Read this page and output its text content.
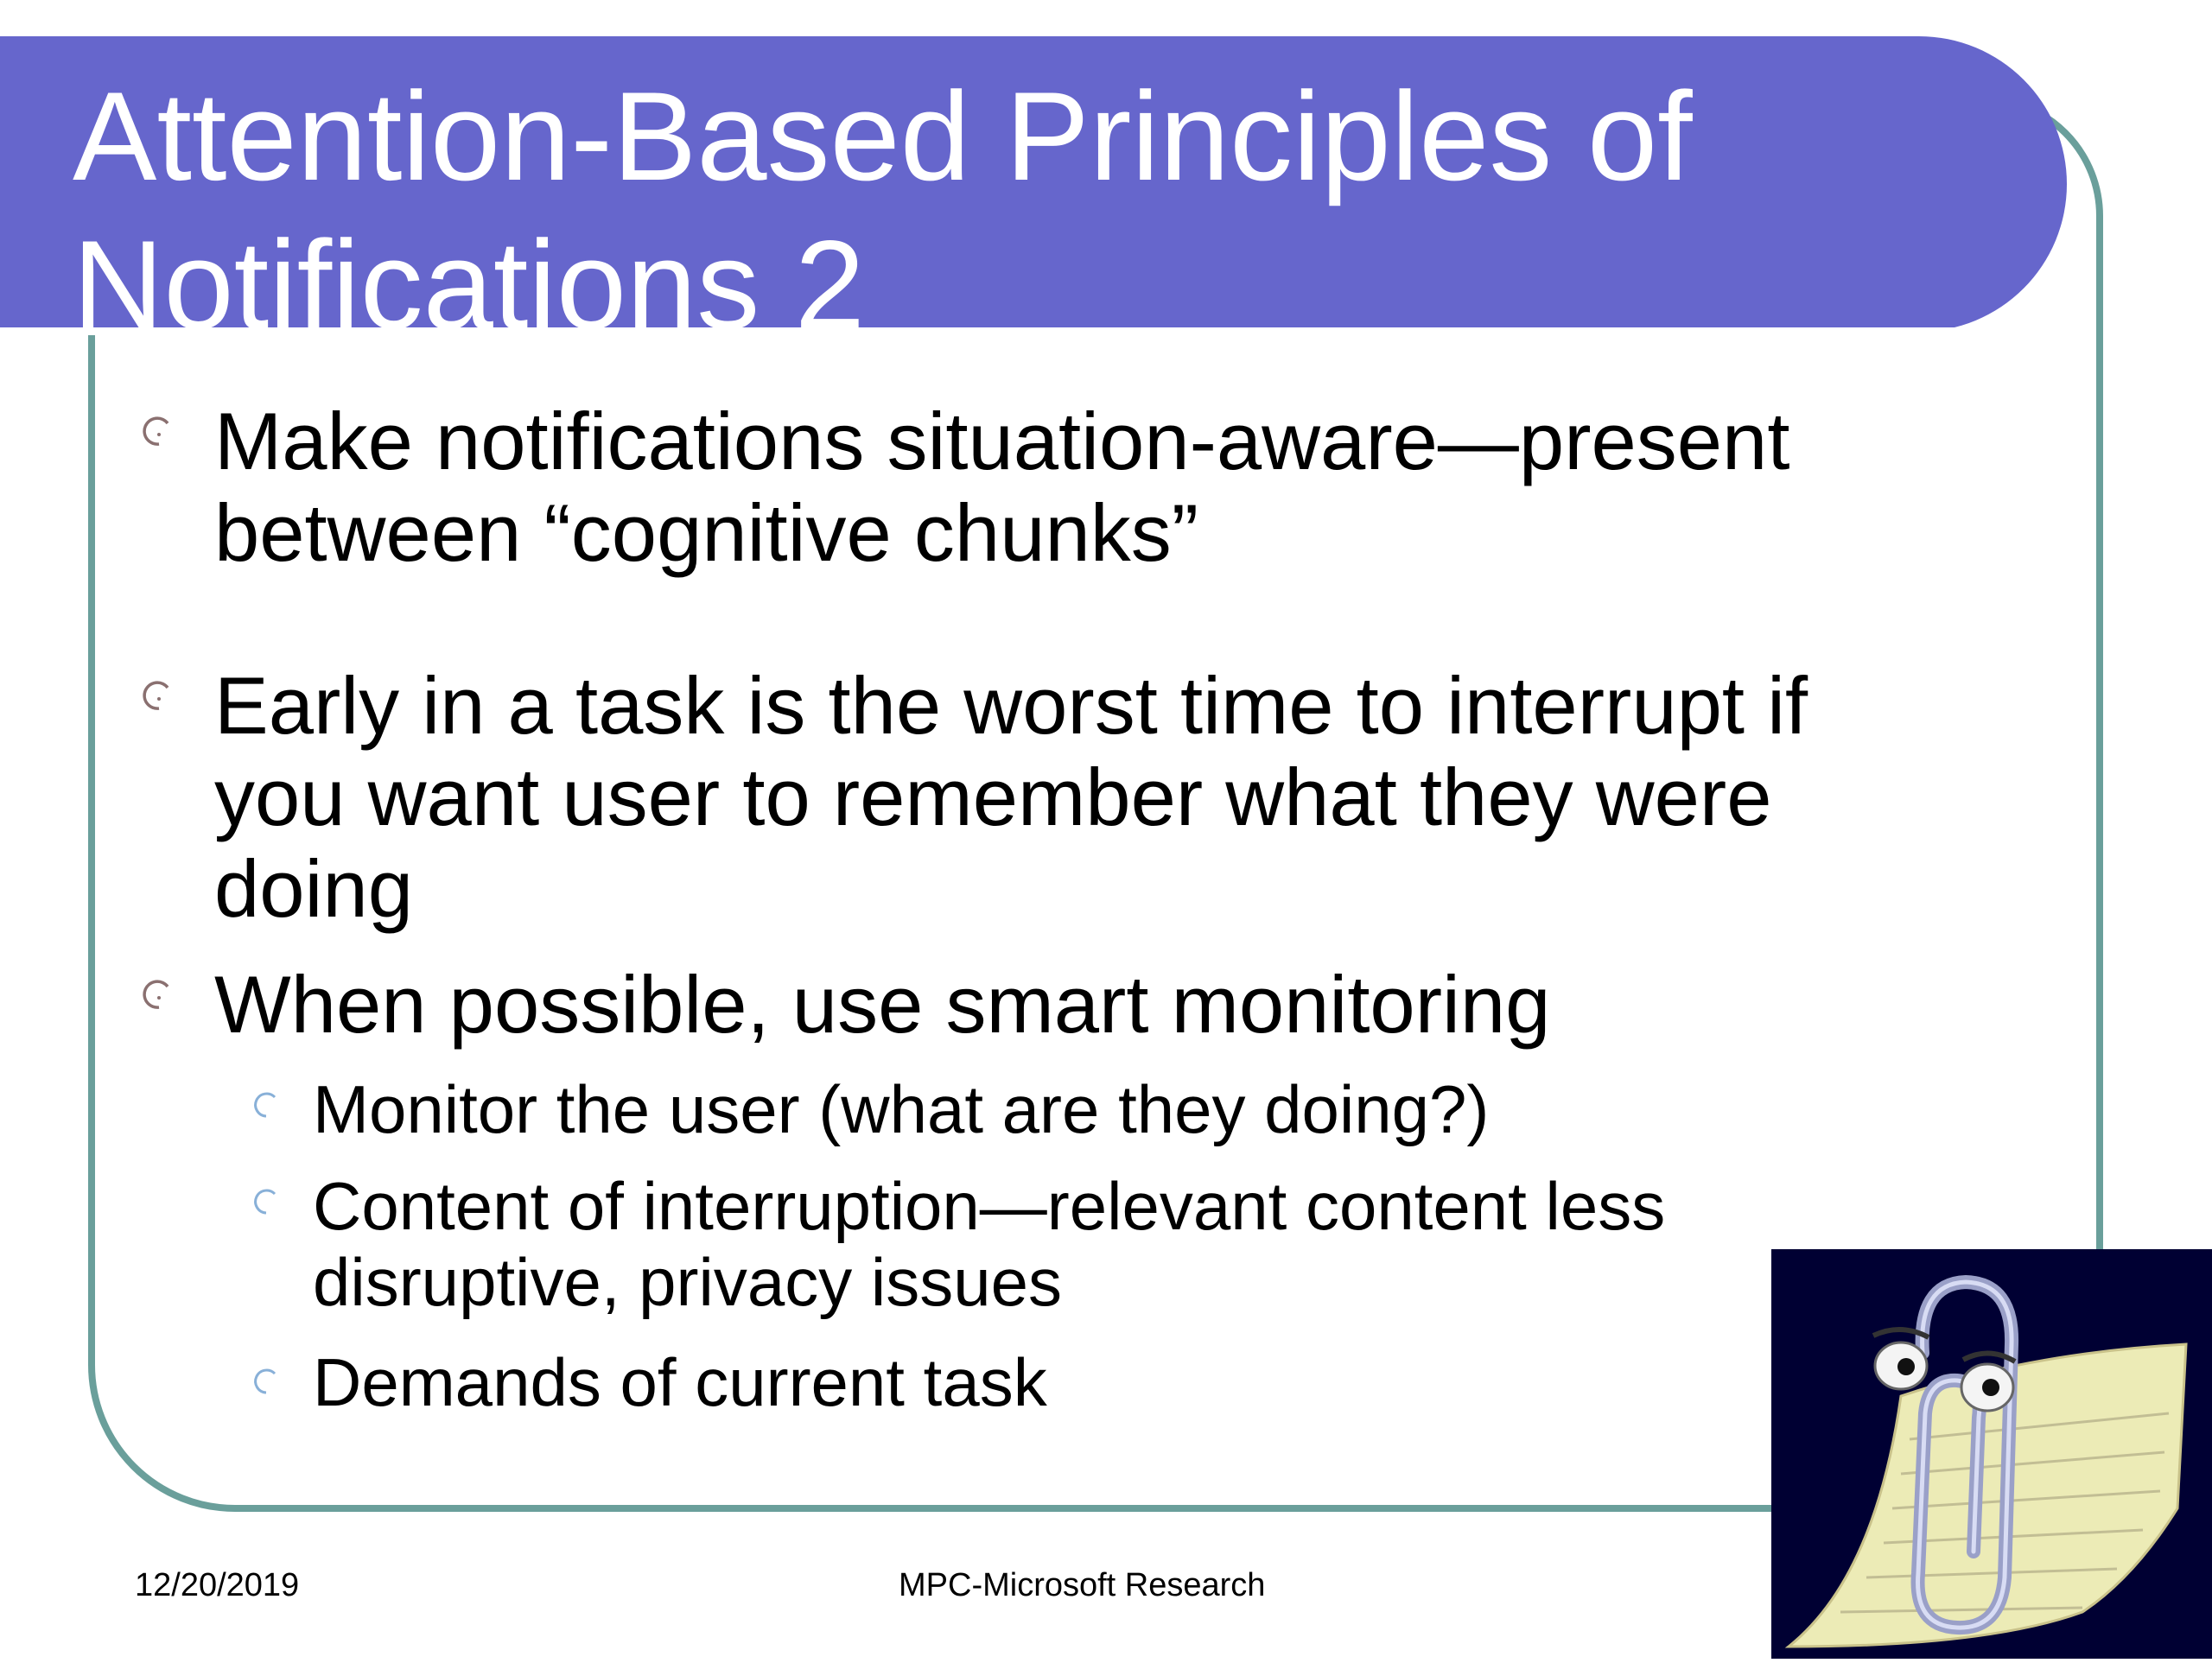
Attention-Based Principles of
Notifications 2

Make notifications situation-aware—present
between “cognitive chunks”

Early in a task is the worst time to interrupt if
you want user to remember what they were
doing

When possible, use smart monitoring

Monitor the user (what are they doing?)

Content of interruption—relevant content less
disruptive, privacy issues

Demands of current task

12/20/2019	MPC-Microsoft Research
